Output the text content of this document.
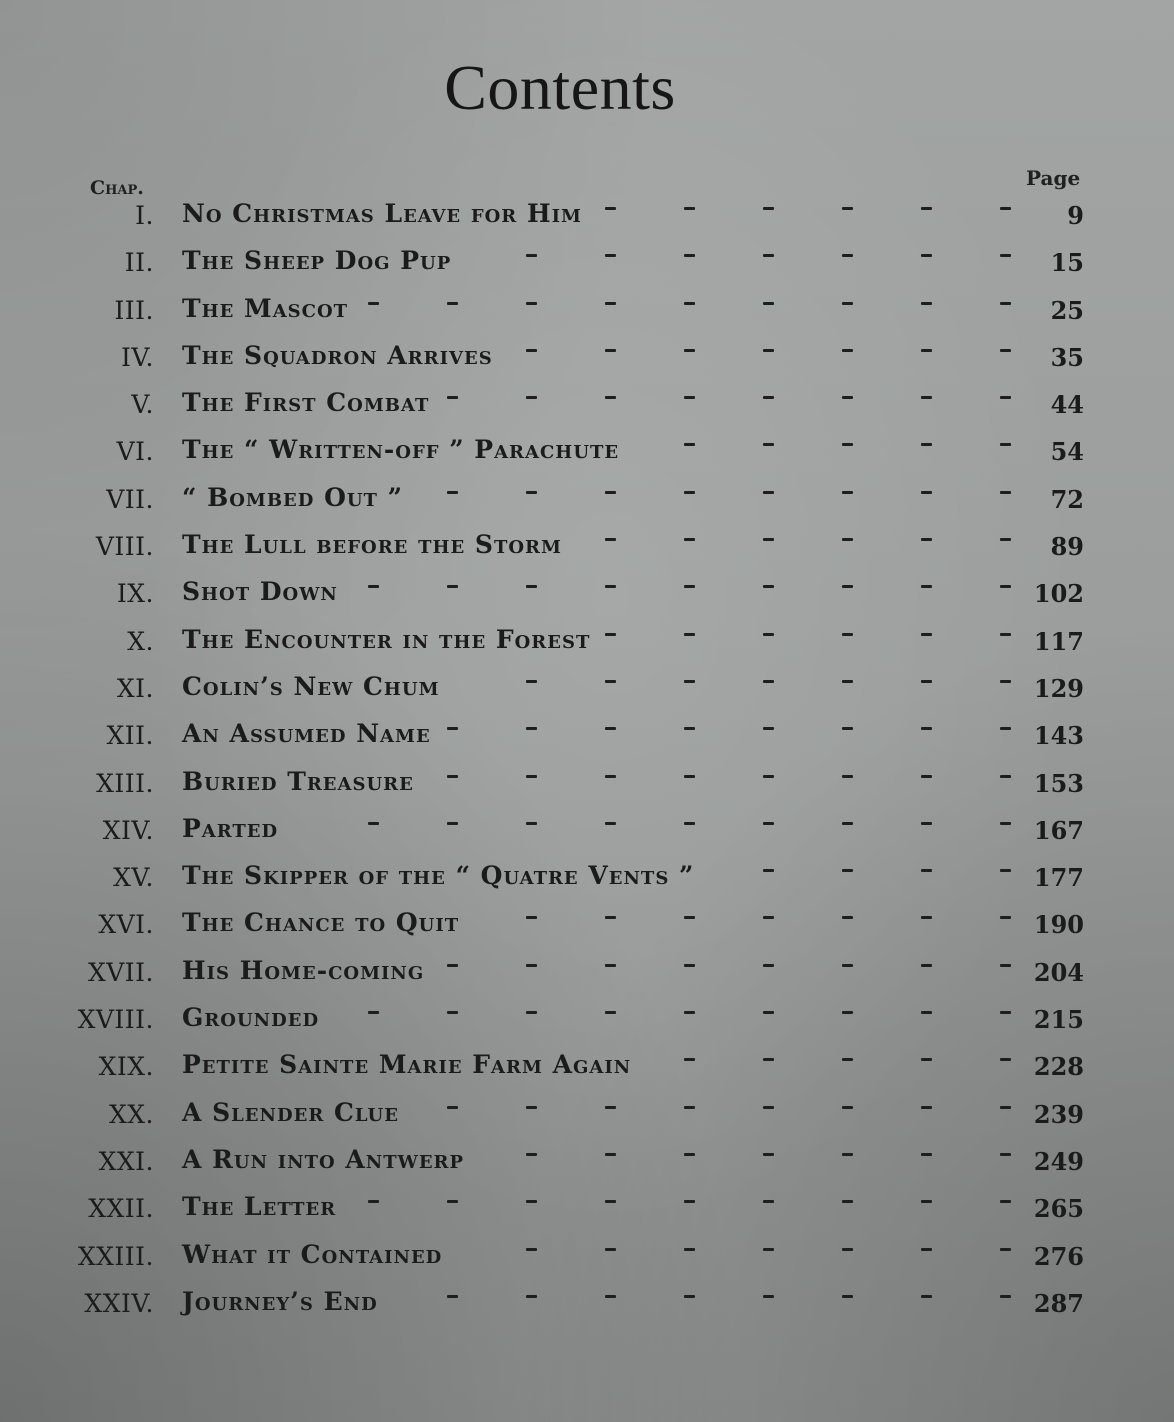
Contents
Chap.	Page
I. No Christmas Leave for Him	9
II. The Sheep Dog Pup	15
III. The Mascot	25
IV. The Squadron Arrives	35
V. The First Combat	44
VI. The “ Written-off ” Parachute	54
VII. “ Bombed Out ”	72
VIII. The Lull before the Storm	89
IX. Shot Down	102
X. The Encounter in the Forest	117
XI. Colin’s New Chum	129
XII. An Assumed Name	143
XIII. Buried Treasure	153
XIV. Parted	167
XV. The Skipper of the “ Quatre Vents ”	177
XVI. The Chance to Quit	190
XVII. His Home-coming	204
XVIII. Grounded	215
XIX. Petite Sainte Marie Farm Again	228
XX. A Slender Clue	239
XXI. A Run into Antwerp	249
XXII. The Letter	265
XXIII. What it Contained	276
XXIV. Journey’s End	287
